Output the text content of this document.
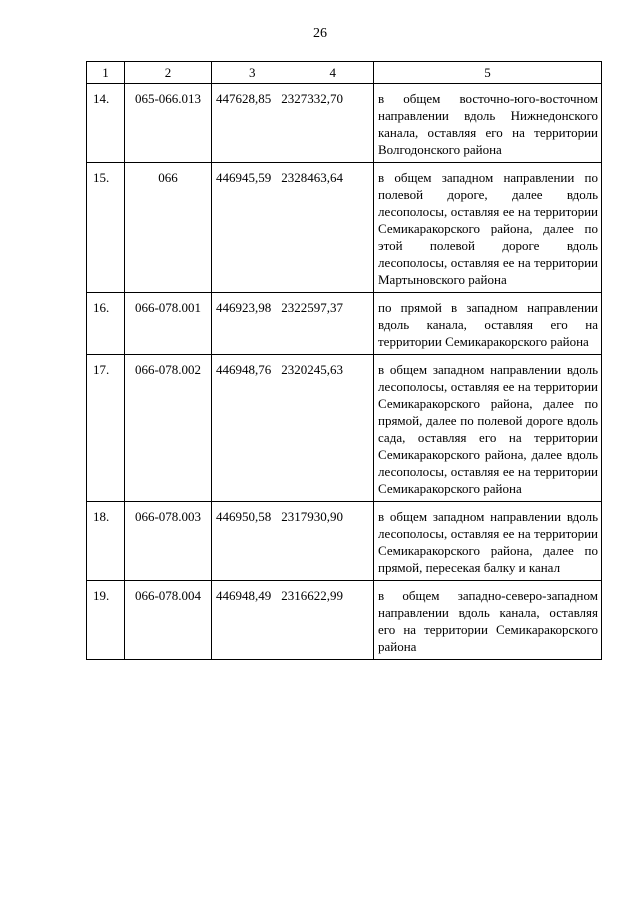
26
1	2	3 4	5
14.	065-066.013	447628,85 2327332,70	в общем восточно-юго-восточном направлении вдоль Нижнедонского канала, оставляя его на территории Волгодонского района
15.	066	446945,59 2328463,64	в общем западном направлении по полевой дороге, далее вдоль лесополосы, оставляя ее на территории Семикаракорского района, далее по этой полевой дороге вдоль лесополосы, оставляя ее на территории Мартыновского района
16.	066-078.001	446923,98 2322597,37	по прямой в западном направлении вдоль канала, оставляя его на территории Семикаракорского района
17.	066-078.002	446948,76 2320245,63	в общем западном направлении вдоль лесополосы, оставляя ее на территории Семикаракорского района, далее по прямой, далее по полевой дороге вдоль сада, оставляя его на территории Семикаракорского района, далее вдоль лесополосы, оставляя ее на территории Семикаракорского района
18.	066-078.003	446950,58 2317930,90	в общем западном направлении вдоль лесополосы, оставляя ее на территории Семикаракорского района, далее по прямой, пересекая балку и канал
19.	066-078.004	446948,49 2316622,99	в общем западно-северо-западном направлении вдоль канала, оставляя его на территории Семикаракорского района
